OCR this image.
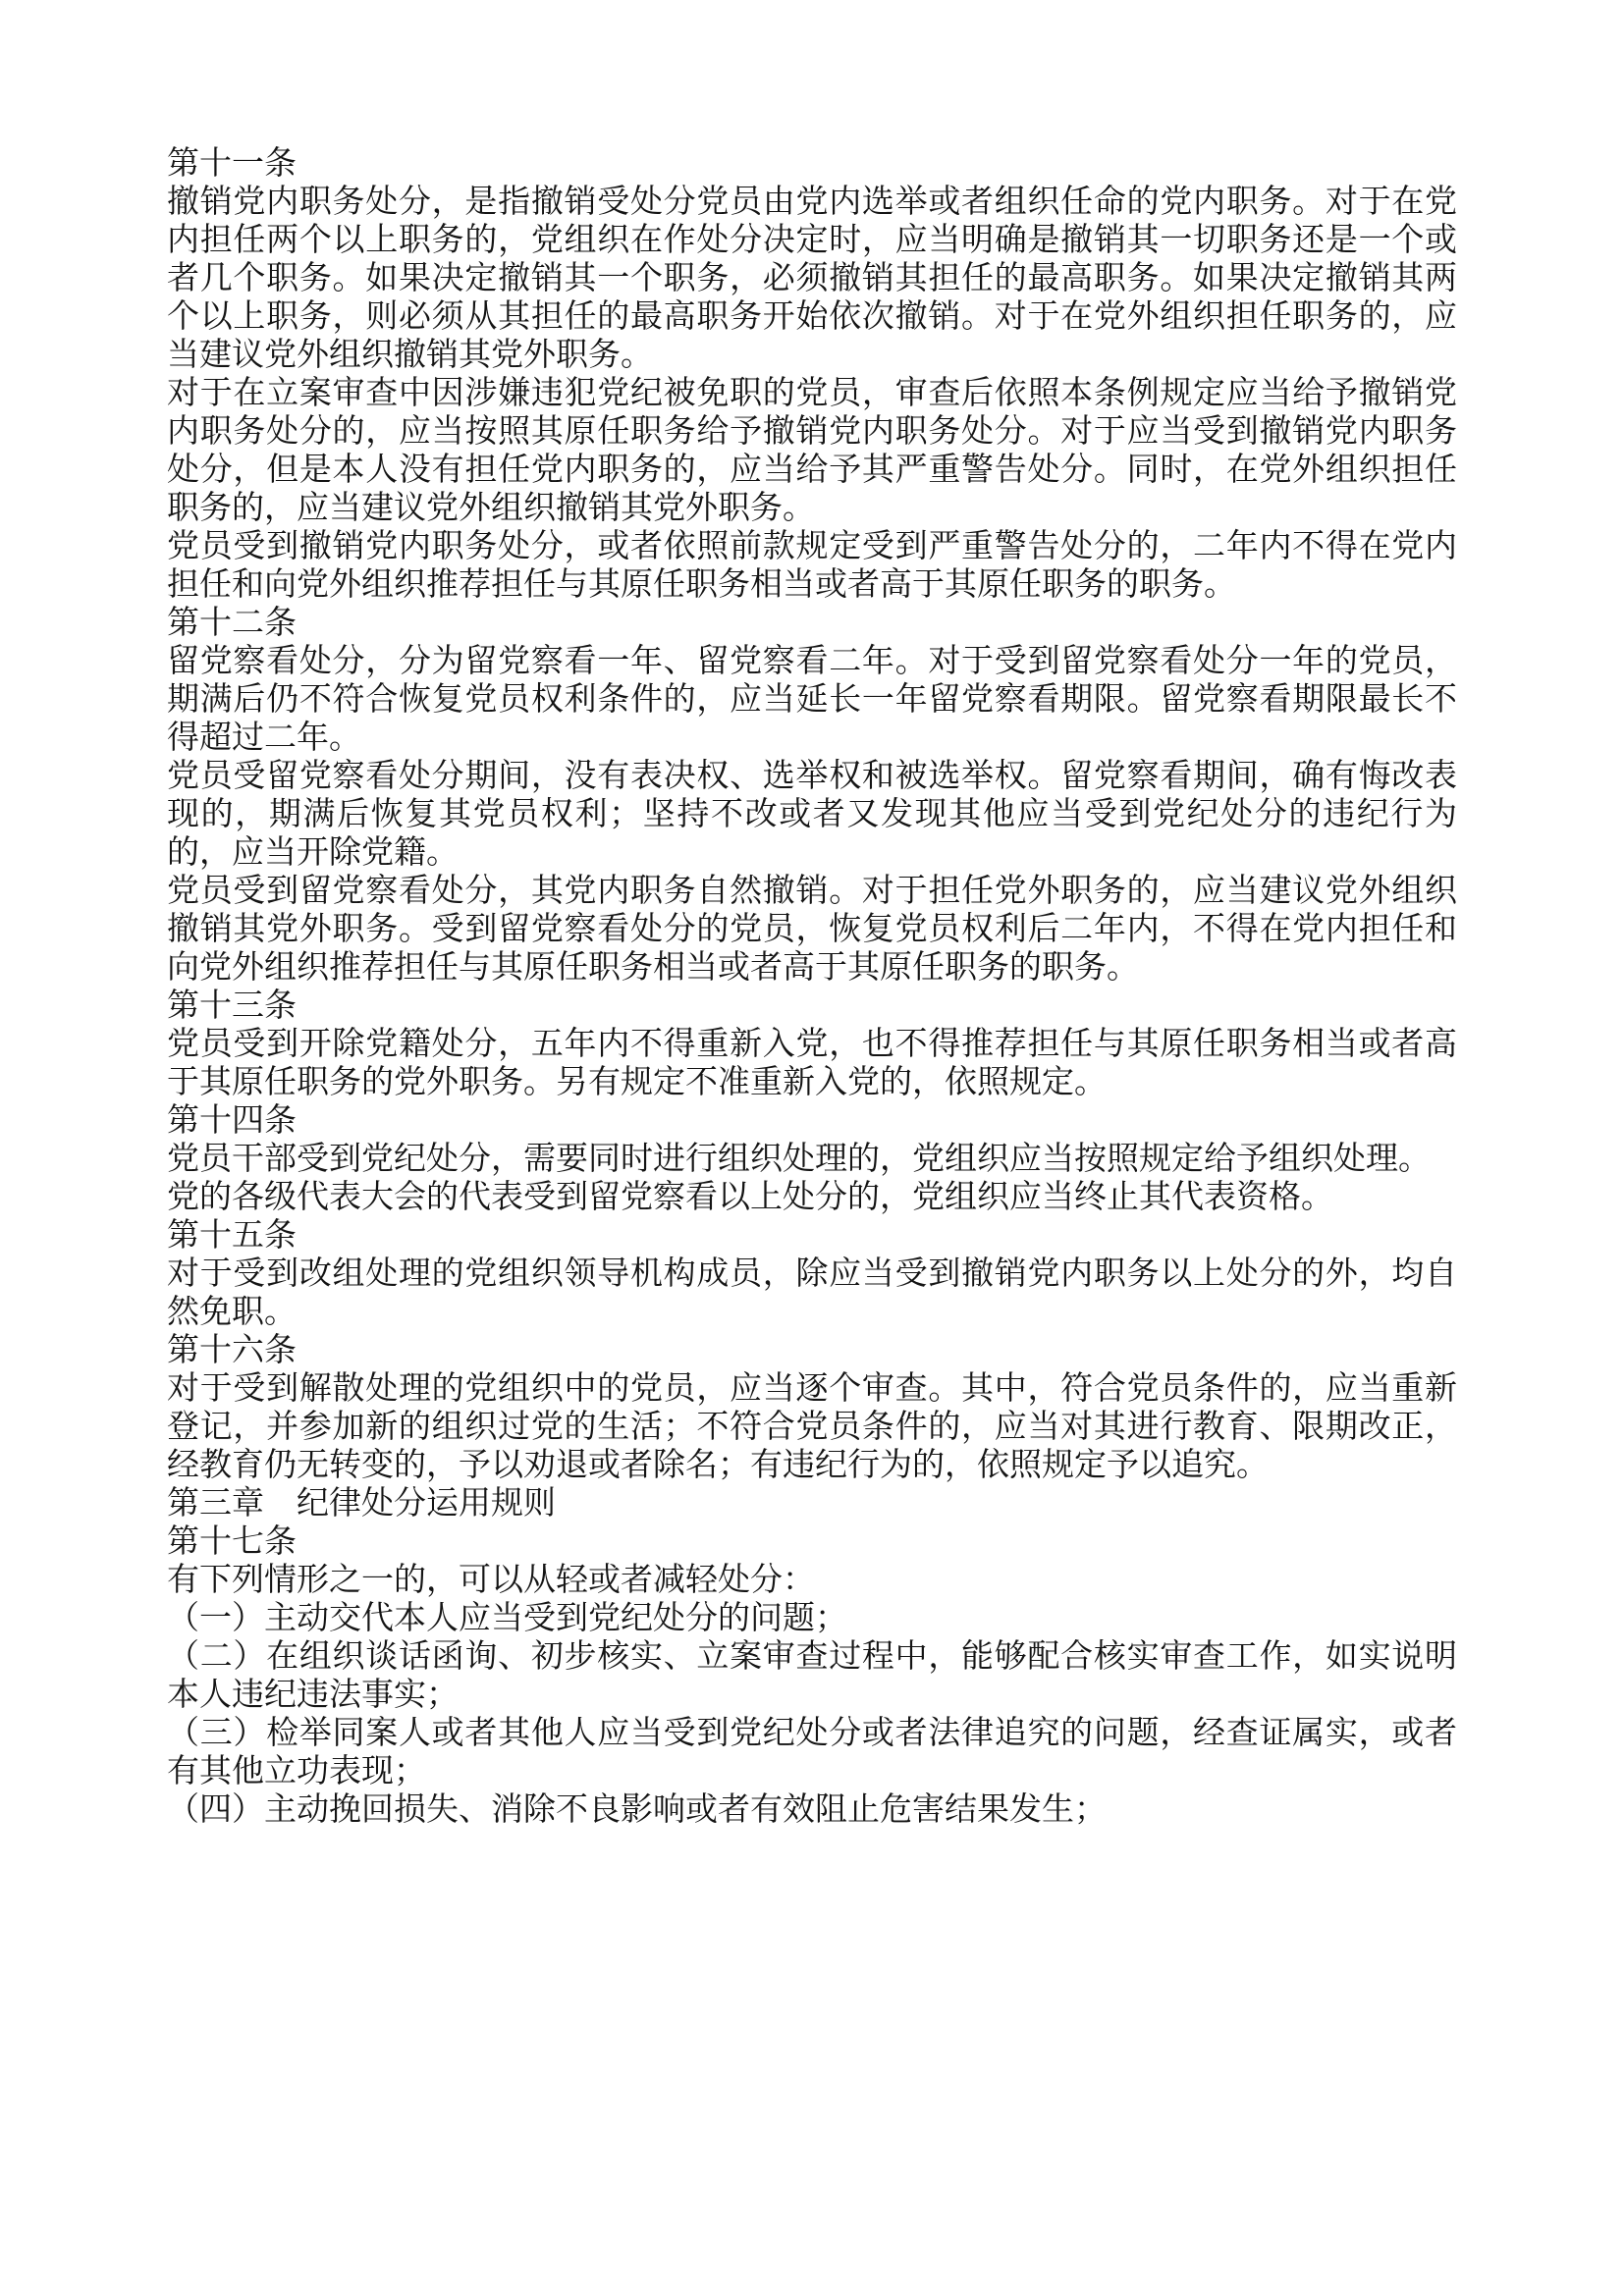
第十一条

撤销党内职务处分，是指撤销受处分党员由党内选举或者组织任命的党内职务。对于在党内担任两个以上职务的，党组织在作处分决定时，应当明确是撤销其一切职务还是一个或者几个职务。如果决定撤销其一个职务，必须撤销其担任的最高职务。如果决定撤销其两个以上职务，则必须从其担任的最高职务开始依次撤销。对于在党外组织担任职务的，应当建议党外组织撤销其党外职务。

对于在立案审查中因涉嫌违犯党纪被免职的党员，审查后依照本条例规定应当给予撤销党内职务处分的，应当按照其原任职务给予撤销党内职务处分。对于应当受到撤销党内职务处分，但是本人没有担任党内职务的，应当给予其严重警告处分。同时，在党外组织担任职务的，应当建议党外组织撤销其党外职务。

党员受到撤销党内职务处分，或者依照前款规定受到严重警告处分的，二年内不得在党内担任和向党外组织推荐担任与其原任职务相当或者高于其原任职务的职务。

第十二条

留党察看处分，分为留党察看一年、留党察看二年。对于受到留党察看处分一年的党员，期满后仍不符合恢复党员权利条件的，应当延长一年留党察看期限。留党察看期限最长不得超过二年。

党员受留党察看处分期间，没有表决权、选举权和被选举权。留党察看期间，确有悔改表现的，期满后恢复其党员权利；坚持不改或者又发现其他应当受到党纪处分的违纪行为的，应当开除党籍。

党员受到留党察看处分，其党内职务自然撤销。对于担任党外职务的，应当建议党外组织撤销其党外职务。受到留党察看处分的党员，恢复党员权利后二年内，不得在党内担任和向党外组织推荐担任与其原任职务相当或者高于其原任职务的职务。

第十三条

党员受到开除党籍处分，五年内不得重新入党，也不得推荐担任与其原任职务相当或者高于其原任职务的党外职务。另有规定不准重新入党的，依照规定。

第十四条

党员干部受到党纪处分，需要同时进行组织处理的，党组织应当按照规定给予组织处理。

党的各级代表大会的代表受到留党察看以上处分的，党组织应当终止其代表资格。

第十五条

对于受到改组处理的党组织领导机构成员，除应当受到撤销党内职务以上处分的外，均自然免职。

第十六条

对于受到解散处理的党组织中的党员，应当逐个审查。其中，符合党员条件的，应当重新登记，并参加新的组织过党的生活；不符合党员条件的，应当对其进行教育、限期改正，经教育仍无转变的，予以劝退或者除名；有违纪行为的，依照规定予以追究。

第三章　纪律处分运用规则

第十七条

有下列情形之一的，可以从轻或者减轻处分：

（一）主动交代本人应当受到党纪处分的问题；

（二）在组织谈话函询、初步核实、立案审查过程中，能够配合核实审查工作，如实说明本人违纪违法事实；

（三）检举同案人或者其他人应当受到党纪处分或者法律追究的问题，经查证属实，或者有其他立功表现；

（四）主动挽回损失、消除不良影响或者有效阻止危害结果发生；
